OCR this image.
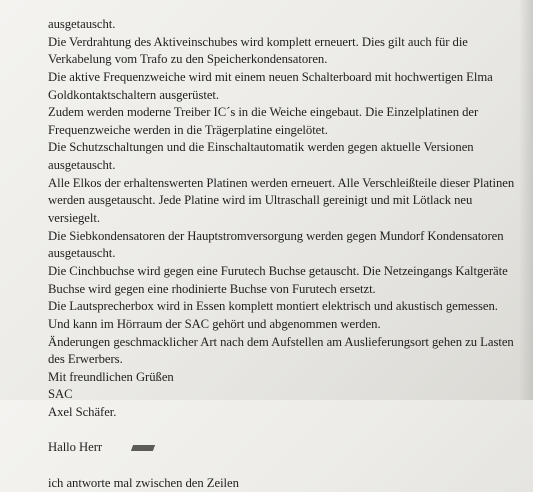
ausgetauscht.
Die Verdrahtung des Aktiveinschubes wird komplett erneuert. Dies gilt auch für die
Verkabelung vom Trafo zu den Speicherkondensatoren.
Die aktive Frequenzweiche wird mit einem neuen Schalterboard mit hochwertigen Elma
Goldkontaktschaltern ausgerüstet.
Zudem werden moderne Treiber IC´s in die Weiche eingebaut. Die Einzelplatinen der
Frequenzweiche werden in die Trägerplatine eingelötet.
Die Schutzschaltungen und die Einschaltautomatik werden gegen aktuelle Versionen
ausgetauscht.
Alle Elkos der erhaltenswerten Platinen werden erneuert. Alle Verschleißteile dieser Platinen
werden ausgetauscht. Jede Platine wird im Ultraschall gereinigt und mit Lötlack neu
versiegelt.
Die Siebkondensatoren der Hauptstromversorgung werden gegen Mundorf Kondensatoren
ausgetauscht.
Die Cinchbuchse wird gegen eine Furutech Buchse getauscht. Die Netzeingangs Kaltgeräte
Buchse wird gegen eine rhodinierte Buchse von Furutech ersetzt.
Die Lautsprecherbox wird in Essen komplett montiert elektrisch und akustisch gemessen.
Und kann im Hörraum der SAC gehört und abgenommen werden.
Änderungen geschmacklicher Art nach dem Aufstellen am Auslieferungsort gehen zu Lasten
des Erwerbers.
Mit freundlichen Grüßen
SAC
Axel Schäfer.
Hallo Herr
ich antworte mal zwischen den Zeilen
